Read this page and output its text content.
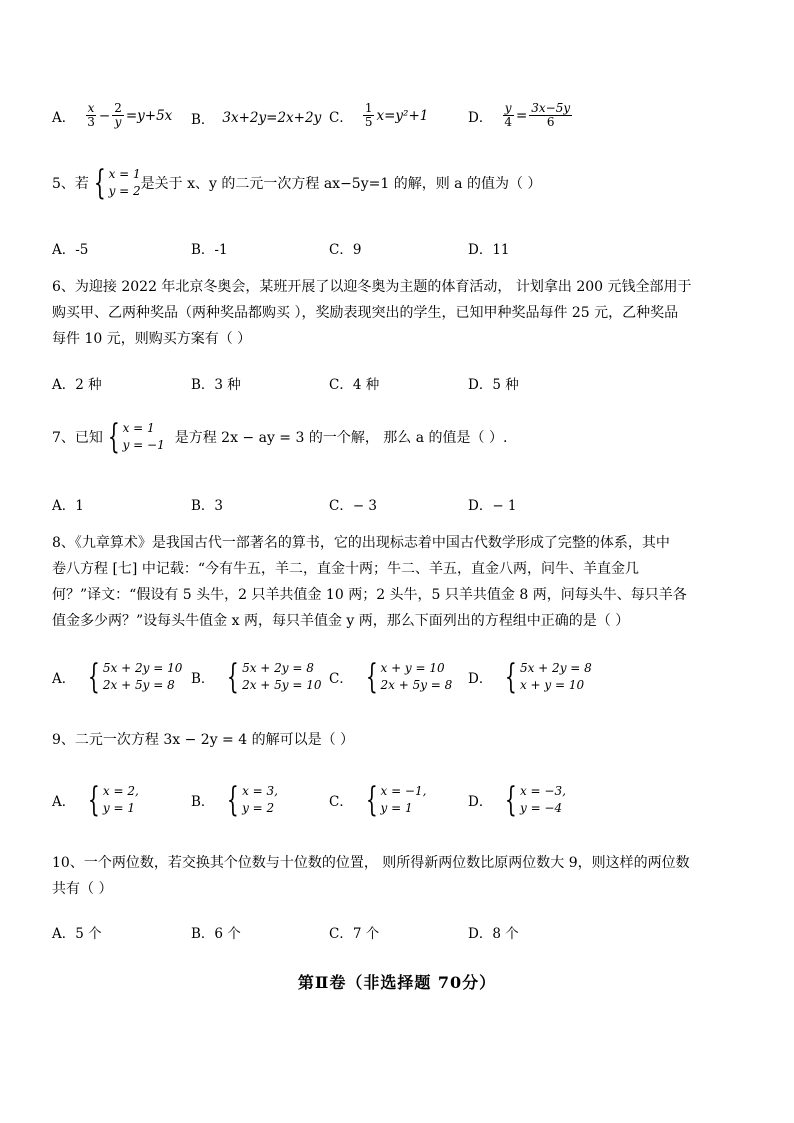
A． $\frac{x}{3} - \frac{2}{y} =y+5x$ B． 3x+2y=2x+2y C． $\frac{1}{5} x=y^2+1$	D． $\frac{y}{4} = \frac{3x-5y}{6}$
5、若 { x = 1
y = 2 是关于 x、y 的二元一次方程 ax−5y=1 的解，则 a 的值为（ ）
A．-5	B．-1	C．9	D．11
6、为迎接 2022 年北京冬奥会，某班开展了以迎冬奥为主题的体育活动， 计划拿出 200 元钱全部用于
购买甲、乙两种奖品（两种奖品都购买 ），奖励表现突出的学生，已知甲种奖品每件 25 元，乙种奖品
每件 10 元，则购买方案有（ ）
A．2 种	B．3 种	C．4 种	D．5 种
7、已知 { x = 1
y = −1 是方程 2x − ay = 3 的一个解， 那么 a 的值是（ ）.
A．1	B．3	C．− 3	D．− 1
8、《九章算术》是我国古代一部著名的算书，它的出现标志着中国古代数学形成了完整的体系，其中
卷八方程 [七] 中记载：“今有牛五，羊二，直金十两；牛二、羊五，直金八两，问牛、羊直金几
何？”译文：“假设有 5 头牛，2 只羊共值金 10 两；2 头牛，5 只羊共值金 8 两，问每头牛、每只羊各
值金多少两？”设每头牛值金 x 两，每只羊值金 y 两，那么下面列出的方程组中正确的是（ ）
A． { 5x + 2y = 10
2x + 5y = 8	B． { 5x + 2y = 8
2x + 5y = 10 C． { x + y = 10
2x + 5y = 8 D． { 5x + 2y = 8
x + y = 10
9、二元一次方程 3x − 2y = 4 的解可以是（ ）
A． { x = 2,
y = 1	B． { x = 3,
y = 2	C． { x = −1,
y = 1	D． { x = −3,
y = −4
10、一个两位数，若交换其个位数与十位数的位置， 则所得新两位数比原两位数大 9，则这样的两位数
共有（ ）
A．5 个	B．6 个	C．7 个	D．8 个
第Ⅱ卷（非选择题 70分）
